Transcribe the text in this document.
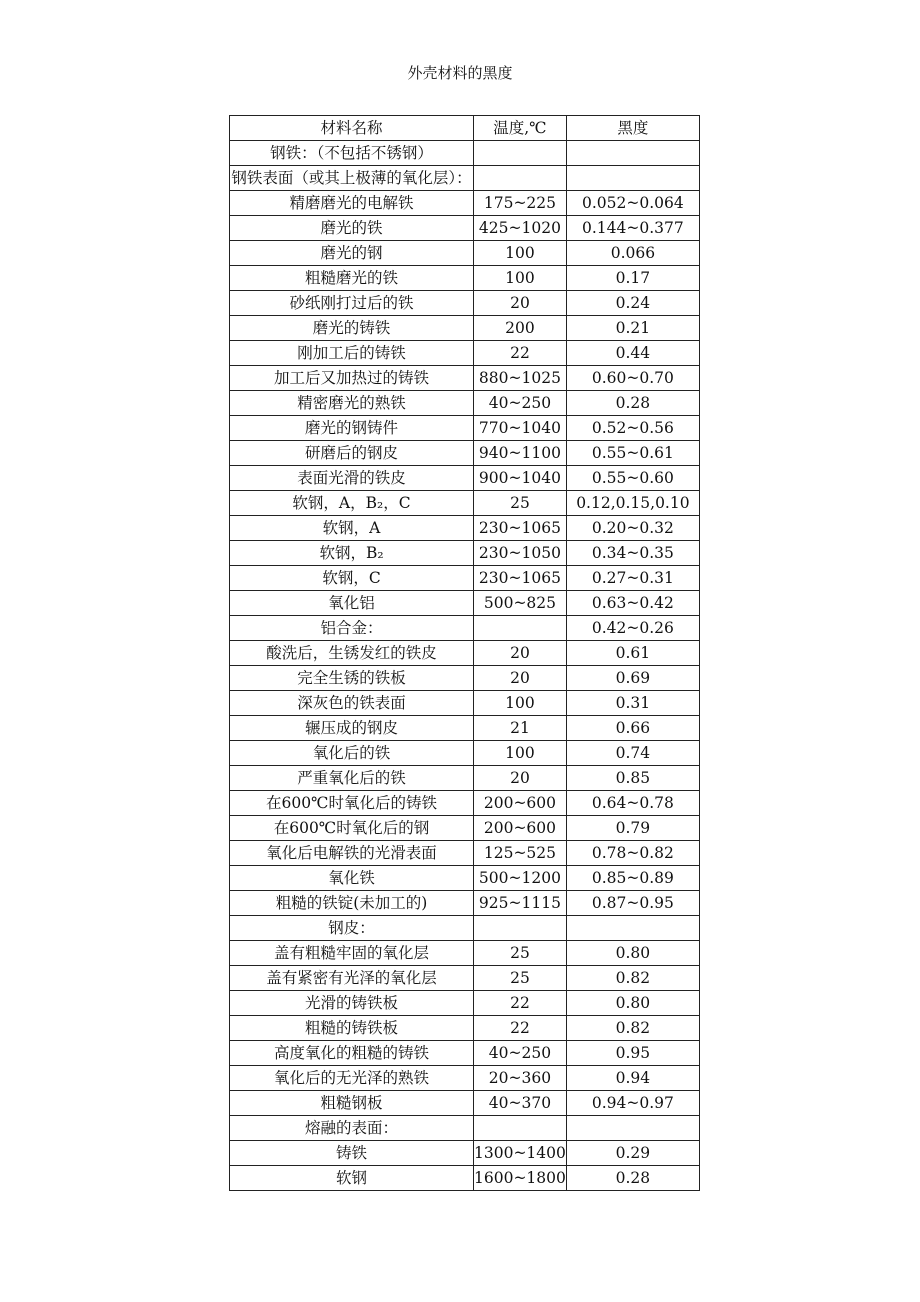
外壳材料的黑度
材料名称	温度,℃	黑度
钢铁：（不包括不锈钢）		
钢铁表面（或其上极薄的氧化层）：		
精磨磨光的电解铁	175~225	0.052~0.064
磨光的铁	425~1020	0.144~0.377
磨光的钢	100	0.066
粗糙磨光的铁	100	0.17
砂纸刚打过后的铁	20	0.24
磨光的铸铁	200	0.21
刚加工后的铸铁	22	0.44
加工后又加热过的铸铁	880~1025	0.60~0.70
精密磨光的熟铁	40~250	0.28
磨光的钢铸件	770~1040	0.52~0.56
研磨后的钢皮	940~1100	0.55~0.61
表面光滑的铁皮	900~1040	0.55~0.60
软钢，A，B₂，C	25	0.12,0.15,0.10
软钢，A	230~1065	0.20~0.32
软钢，B₂	230~1050	0.34~0.35
软钢，C	230~1065	0.27~0.31
氧化铝	500~825	0.63~0.42
铝合金：		0.42~0.26
酸洗后，生锈发红的铁皮	20	0.61
完全生锈的铁板	20	0.69
深灰色的铁表面	100	0.31
辗压成的钢皮	21	0.66
氧化后的铁	100	0.74
严重氧化后的铁	20	0.85
在600℃时氧化后的铸铁	200~600	0.64~0.78
在600℃时氧化后的钢	200~600	0.79
氧化后电解铁的光滑表面	125~525	0.78~0.82
氧化铁	500~1200	0.85~0.89
粗糙的铁锭(未加工的)	925~1115	0.87~0.95
钢皮：		
盖有粗糙牢固的氧化层	25	0.80
盖有紧密有光泽的氧化层	25	0.82
光滑的铸铁板	22	0.80
粗糙的铸铁板	22	0.82
高度氧化的粗糙的铸铁	40~250	0.95
氧化后的无光泽的熟铁	20~360	0.94
粗糙钢板	40~370	0.94~0.97
熔融的表面：		
铸铁	1300~1400	0.29
软钢	1600~1800	0.28
